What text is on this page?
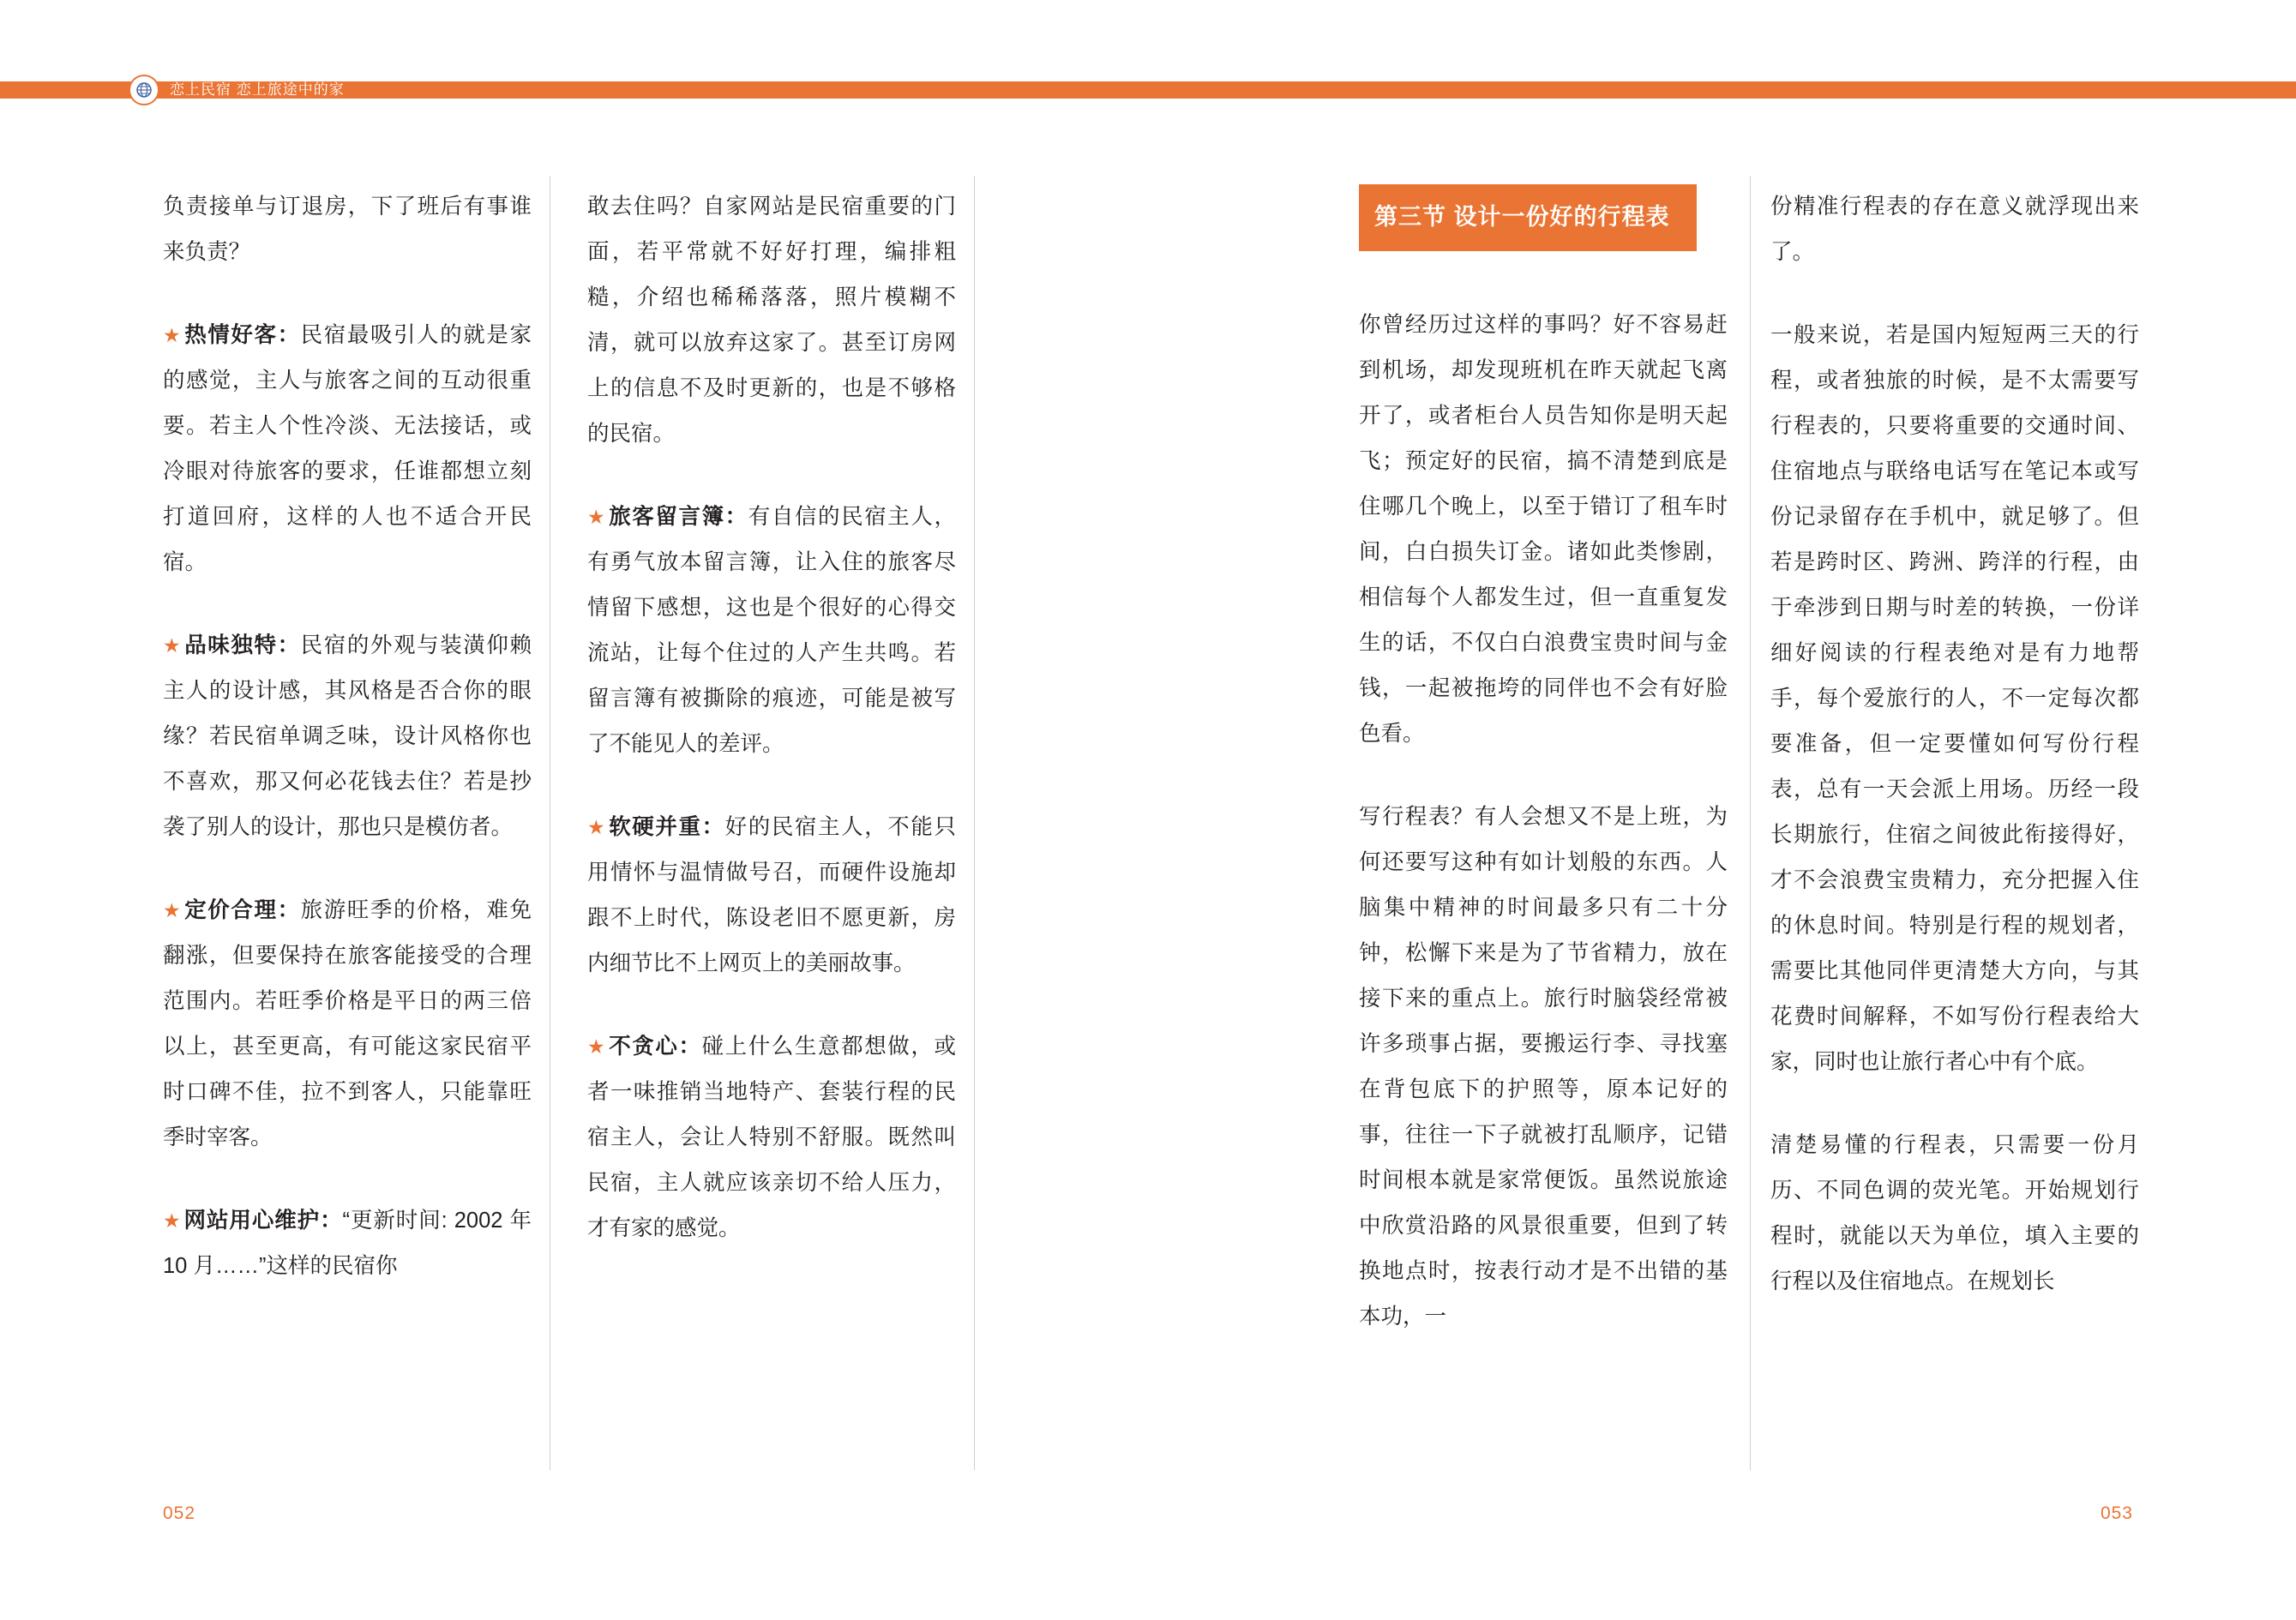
恋上民宿 恋上旅途中的家

负责接单与订退房，下了班后有事谁来负责？

★ 热情好客：民宿最吸引人的就是家的感觉，主人与旅客之间的互动很重要。若主人个性冷淡、无法接话，或冷眼对待旅客的要求，任谁都想立刻打道回府，这样的人也不适合开民宿。

★ 品味独特：民宿的外观与装潢仰赖主人的设计感，其风格是否合你的眼缘？若民宿单调乏味，设计风格你也不喜欢，那又何必花钱去住？若是抄袭了别人的设计，那也只是模仿者。

★ 定价合理：旅游旺季的价格，难免翻涨，但要保持在旅客能接受的合理范围内。若旺季价格是平日的两三倍以上，甚至更高，有可能这家民宿平时口碑不佳，拉不到客人，只能靠旺季时宰客。

★ 网站用心维护：“更新时间: 2002 年 10 月……”这样的民宿你

敢去住吗？自家网站是民宿重要的门面，若平常就不好好打理，编排粗糙，介绍也稀稀落落，照片模糊不清，就可以放弃这家了。甚至订房网上的信息不及时更新的，也是不够格的民宿。

★ 旅客留言簿：有自信的民宿主人，有勇气放本留言簿，让入住的旅客尽情留下感想，这也是个很好的心得交流站，让每个住过的人产生共鸣。若留言簿有被撕除的痕迹，可能是被写了不能见人的差评。

★ 软硬并重：好的民宿主人，不能只用情怀与温情做号召，而硬件设施却跟不上时代，陈设老旧不愿更新，房内细节比不上网页上的美丽故事。

★ 不贪心：碰上什么生意都想做，或者一味推销当地特产、套装行程的民宿主人，会让人特别不舒服。既然叫民宿，主人就应该亲切不给人压力，才有家的感觉。

052
第三节 设计一份好的行程表

你曾经历过这样的事吗？好不容易赶到机场，却发现班机在昨天就起飞离开了，或者柜台人员告知你是明天起飞；预定好的民宿，搞不清楚到底是住哪几个晚上，以至于错订了租车时间，白白损失订金。诸如此类惨剧，相信每个人都发生过，但一直重复发生的话，不仅白白浪费宝贵时间与金钱，一起被拖垮的同伴也不会有好脸色看。

写行程表？有人会想又不是上班，为何还要写这种有如计划般的东西。人脑集中精神的时间最多只有二十分钟，松懈下来是为了节省精力，放在接下来的重点上。旅行时脑袋经常被许多琐事占据，要搬运行李、寻找塞在背包底下的护照等，原本记好的事，往往一下子就被打乱顺序，记错时间根本就是家常便饭。虽然说旅途中欣赏沿路的风景很重要，但到了转换地点时，按表行动才是不出错的基本功，一

份精准行程表的存在意义就浮现出来了。

一般来说，若是国内短短两三天的行程，或者独旅的时候，是不太需要写行程表的，只要将重要的交通时间、住宿地点与联络电话写在笔记本或写份记录留存在手机中，就足够了。但若是跨时区、跨洲、跨洋的行程，由于牵涉到日期与时差的转换，一份详细好阅读的行程表绝对是有力地帮手，每个爱旅行的人，不一定每次都要准备，但一定要懂如何写份行程表，总有一天会派上用场。历经一段长期旅行，住宿之间彼此衔接得好，才不会浪费宝贵精力，充分把握入住的休息时间。特别是行程的规划者，需要比其他同伴更清楚大方向，与其花费时间解释，不如写份行程表给大家，同时也让旅行者心中有个底。

清楚易懂的行程表，只需要一份月历、不同色调的荧光笔。开始规划行程时，就能以天为单位，填入主要的行程以及住宿地点。在规划长

053
